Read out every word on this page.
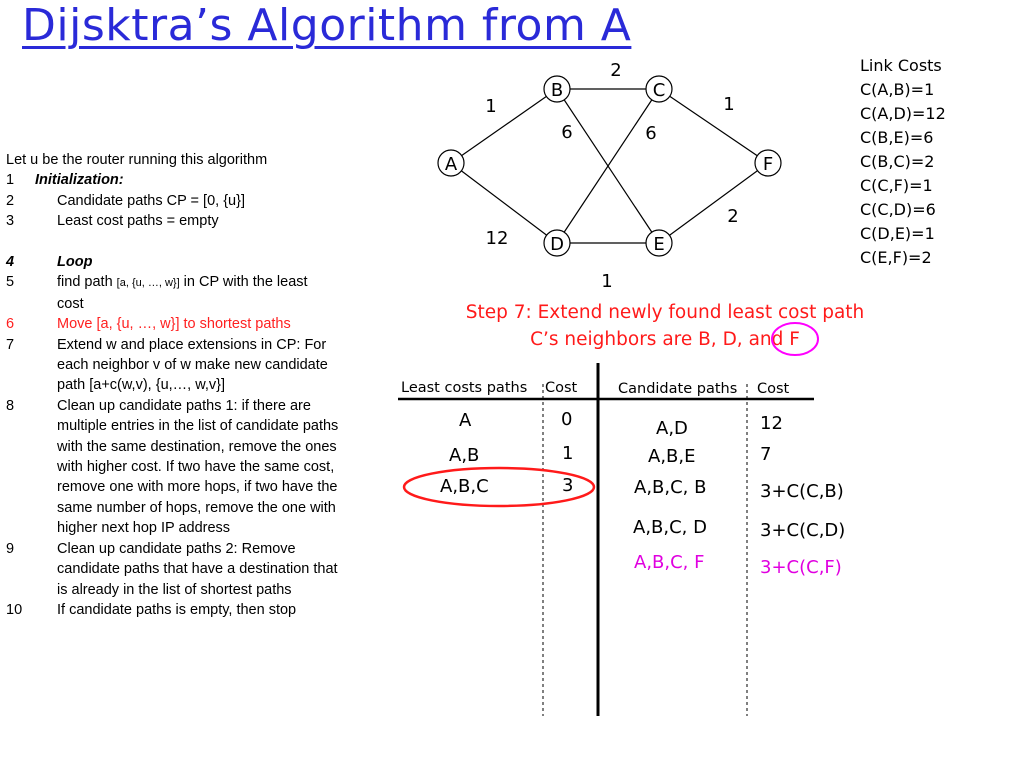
Dijsktra’s Algorithm from A
Let u be the router running this algorithm
1	Initialization:
2	Candidate paths CP = [0, {u}]
3	Least cost paths = empty
4	Loop
5	find path [a, {u, …, w}] in CP with the least
cost
6	Move [a, {u, …, w}] to shortest paths
7	Extend w and place extensions in CP: For
each neighbor v of w make new candidate
path [a+c(w,v), {u,…, w,v}]
8	Clean up candidate paths 1: if there are
multiple entries in the list of candidate paths
with the same destination, remove the ones
with higher cost. If two have the same cost,
remove one with more hops, if two have the
same number of hops, remove the one with
higher next hop IP address
9	Clean up candidate paths 2: Remove
candidate paths that have a destination that
is already in the list of shortest paths
10	If candidate paths is empty, then stop
A
B	C
D	E
F
1
2
1
6	6
12
2
1
Link Costs
C(A,B)=1
C(A,D)=12
C(B,E)=6
C(B,C)=2
C(C,F)=1
C(C,D)=6
C(D,E)=1
C(E,F)=2
Step 7: Extend newly found least cost path
C’s neighbors are B, D, and F
Least costs paths Cost	Candidate paths Cost
A	0
A,B	1
A,B,C	3
A,D	12
A,B,E	7
A,B,C, B	3+C(C,B)
A,B,C, D	3+C(C,D)
A,B,C, F	3+C(C,F)
